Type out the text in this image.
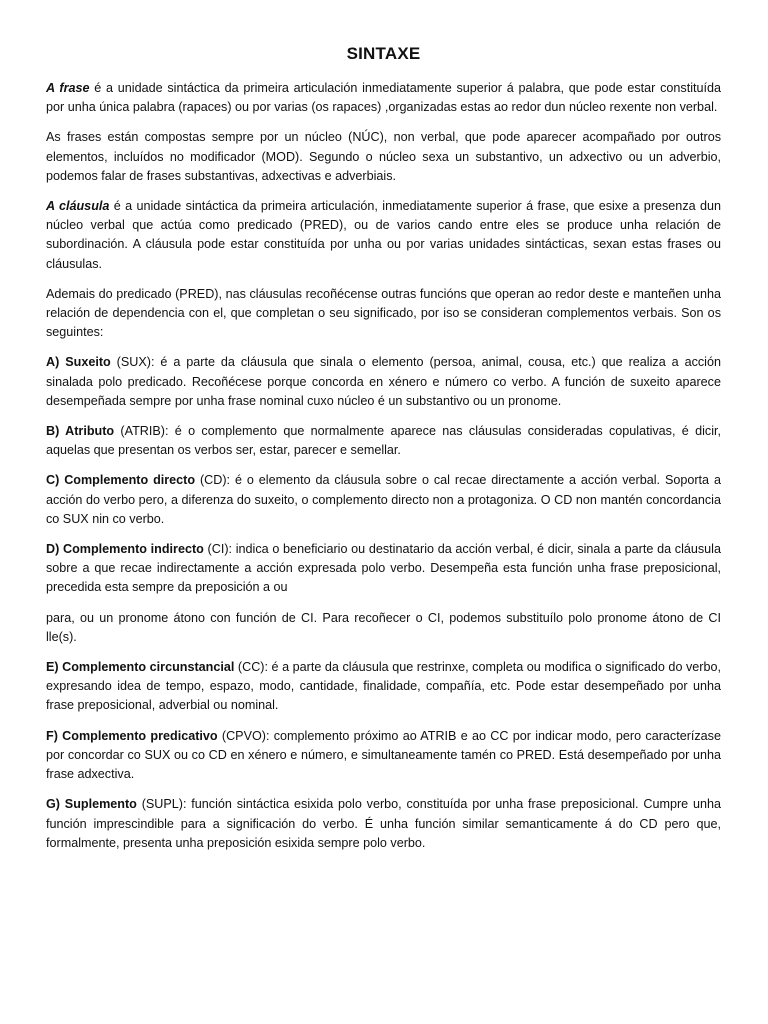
SINTAXE

A frase é a unidade sintáctica da primeira articulación inmediatamente superior á palabra, que pode estar constituída por unha única palabra (rapaces) ou por varias (os rapaces) ,organizadas estas ao redor dun núcleo rexente non verbal.

As frases están compostas sempre por un núcleo (NÚC), non verbal, que pode aparecer acompañado por outros elementos, incluídos no modificador (MOD). Segundo o núcleo sexa un substantivo, un adxectivo ou un adverbio, podemos falar de frases substantivas, adxectivas e adverbiais.

A cláusula é a unidade sintáctica da primeira articulación, inmediatamente superior á frase, que esixe a presenza dun núcleo verbal que actúa como predicado (PRED), ou de varios cando entre eles se produce unha relación de subordinación. A cláusula pode estar constituída por unha ou por varias unidades sintácticas, sexan estas frases ou cláusulas.

Ademais do predicado (PRED), nas cláusulas recoñécense outras funcións que operan ao redor deste e manteñen unha relación de dependencia con el, que completan o seu significado, por iso se consideran complementos verbais. Son os seguintes:

A) Suxeito (SUX): é a parte da cláusula que sinala o elemento (persoa, animal, cousa, etc.) que realiza a acción sinalada polo predicado. Recoñécese porque concorda en xénero e número co verbo. A función de suxeito aparece desempeñada sempre por unha frase nominal cuxo núcleo é un substantivo ou un pronome.

B) Atributo (ATRIB): é o complemento que normalmente aparece nas cláusulas consideradas copulativas, é dicir, aquelas que presentan os verbos ser, estar, parecer e semellar.

C) Complemento directo (CD): é o elemento da cláusula sobre o cal recae directamente a acción verbal. Soporta a acción do verbo pero, a diferenza do suxeito, o complemento directo non a protagoniza. O CD non mantén concordancia co SUX nin co verbo.

D) Complemento indirecto (CI): indica o beneficiario ou destinatario da acción verbal, é dicir, sinala a parte da cláusula sobre a que recae indirectamente a acción expresada polo verbo. Desempeña esta función unha frase preposicional, precedida esta sempre da preposición a ou

para, ou un pronome átono con función de CI. Para recoñecer o CI, podemos substituílo polo pronome átono de CI lle(s).

E) Complemento circunstancial (CC): é a parte da cláusula que restrinxe, completa ou modifica o significado do verbo, expresando idea de tempo, espazo, modo, cantidade, finalidade, compañía, etc. Pode estar desempeñado por unha frase preposicional, adverbial ou nominal.

F) Complemento predicativo (CPVO): complemento próximo ao ATRIB e ao CC por indicar modo, pero caracterízase por concordar co SUX ou co CD en xénero e número, e simultaneamente tamén co PRED. Está desempeñado por unha frase adxectiva.

G) Suplemento (SUPL): función sintáctica esixida polo verbo, constituída por unha frase preposicional. Cumpre unha función imprescindible para a significación do verbo. É unha función similar semanticamente á do CD pero que, formalmente, presenta unha preposición esixida sempre polo verbo.
